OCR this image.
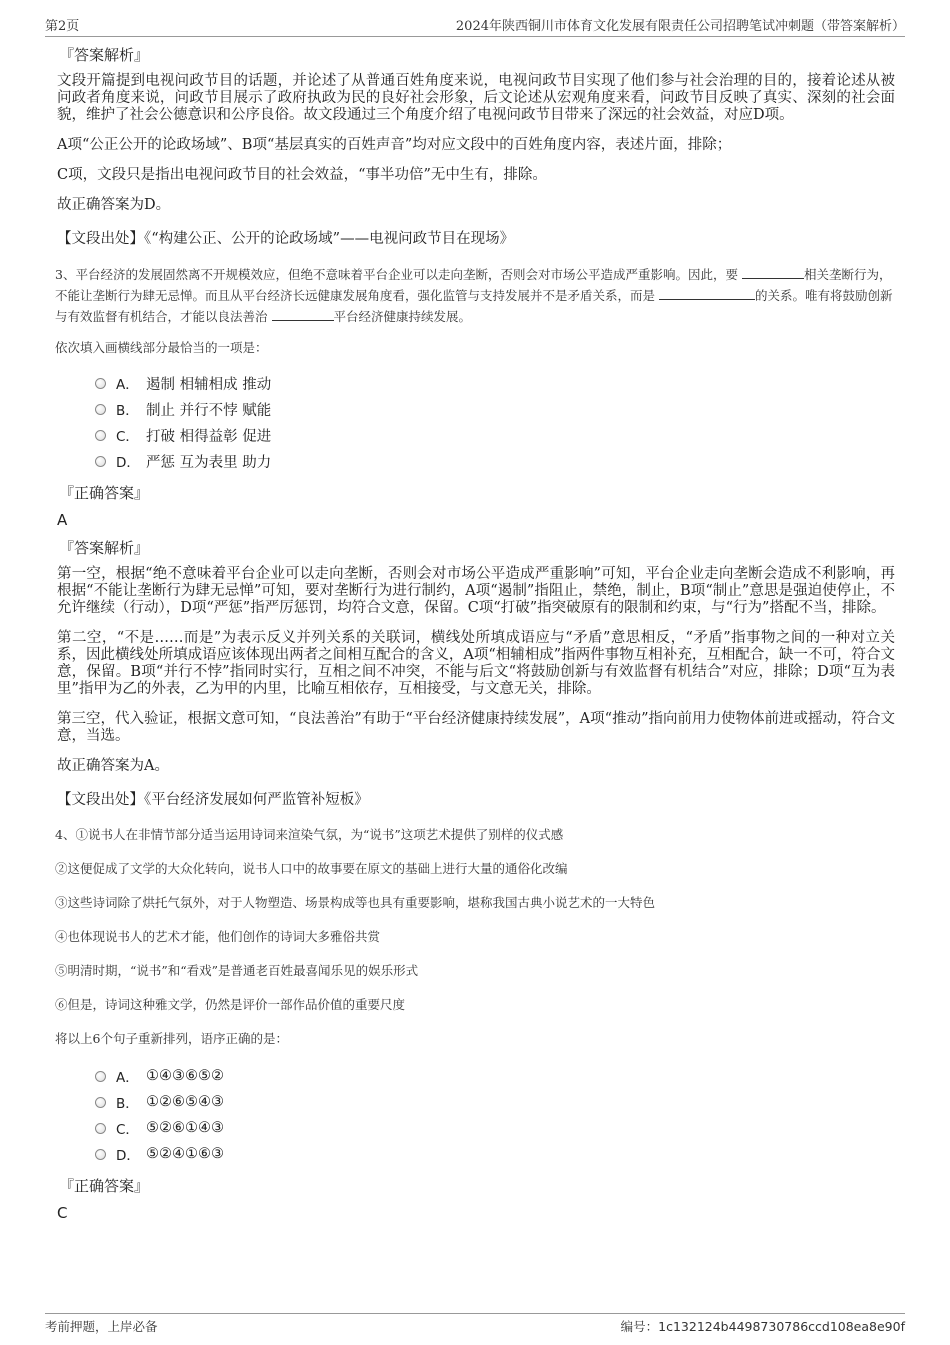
第2页	2024年陕西铜川市体育文化发展有限责任公司招聘笔试冲刺题（带答案解析）
『答案解析』

文段开篇提到电视问政节目的话题，并论述了从普通百姓角度来说，电视问政节目实现了他们参与社会治理的目的，接着论述从被问政者角度来说，问政节目展示了政府执政为民的良好社会形象，后文论述从宏观角度来看，问政节目反映了真实、深刻的社会面貌，维护了社会公德意识和公序良俗。故文段通过三个角度介绍了电视问政节目带来了深远的社会效益，对应D项。

A项“公正公开的论政场域”、B项“基层真实的百姓声音”均对应文段中的百姓角度内容，表述片面，排除；

C项，文段只是指出电视问政节目的社会效益，“事半功倍”无中生有，排除。

故正确答案为D。

【文段出处】《“构建公正、公开的论政场域”——电视问政节目在现场》

3、平台经济的发展固然离不开规模效应，但绝不意味着平台企业可以走向垄断，否则会对市场公平造成严重影响。因此，要	相关垄断行为，不能让垄断行为肆无忌惮。而且从平台经济长远健康发展角度看，强化监管与支持发展并不是矛盾关系，而是	的关系。唯有将鼓励创新与有效监督有机结合，才能以良法善治	平台经济健康持续发展。

依次填入画横线部分最恰当的一项是：

A． 遏制 相辅相成 推动
B． 制止 并行不悖 赋能
C． 打破 相得益彰 促进
D． 严惩 互为表里 助力
『正确答案』
A
『答案解析』

第一空，根据“绝不意味着平台企业可以走向垄断，否则会对市场公平造成严重影响”可知，平台企业走向垄断会造成不利影响，再根据“不能让垄断行为肆无忌惮”可知，要对垄断行为进行制约，A项“遏制”指阻止，禁绝，制止，B项“制止”意思是强迫使停止，不允许继续（行动），D项“严惩”指严厉惩罚，均符合文意，保留。C项“打破”指突破原有的限制和约束，与“行为”搭配不当，排除。

第二空，“不是……而是”为表示反义并列关系的关联词，横线处所填成语应与“矛盾”意思相反，“矛盾”指事物之间的一种对立关系，因此横线处所填成语应该体现出两者之间相互配合的含义，A项“相辅相成”指两件事物互相补充，互相配合，缺一不可，符合文意，保留。B项“并行不悖”指同时实行，互相之间不冲突，不能与后文“将鼓励创新与有效监督有机结合”对应，排除；D项“互为表里”指甲为乙的外表，乙为甲的内里，比喻互相依存，互相接受，与文意无关，排除。

第三空，代入验证，根据文意可知，“良法善治”有助于“平台经济健康持续发展”，A项“推动”指向前用力使物体前进或摇动，符合文意，当选。

故正确答案为A。

【文段出处】《平台经济发展如何严监管补短板》

4、①说书人在非情节部分适当运用诗词来渲染气氛，为“说书”这项艺术提供了别样的仪式感

②这便促成了文学的大众化转向，说书人口中的故事要在原文的基础上进行大量的通俗化改编

③这些诗词除了烘托气氛外，对于人物塑造、场景构成等也具有重要影响，堪称我国古典小说艺术的一大特色

④也体现说书人的艺术才能，他们创作的诗词大多雅俗共赏

⑤明清时期，“说书”和“看戏”是普通老百姓最喜闻乐见的娱乐形式

⑥但是，诗词这种雅文学，仍然是评价一部作品价值的重要尺度

将以上6个句子重新排列，语序正确的是：

A． ①④③⑥⑤②
B． ①②⑥⑤④③
C． ⑤②⑥①④③
D． ⑤②④①⑥③
『正确答案』
C
考前押题，上岸必备	编号：1c132124b4498730786ccd108ea8e90f
